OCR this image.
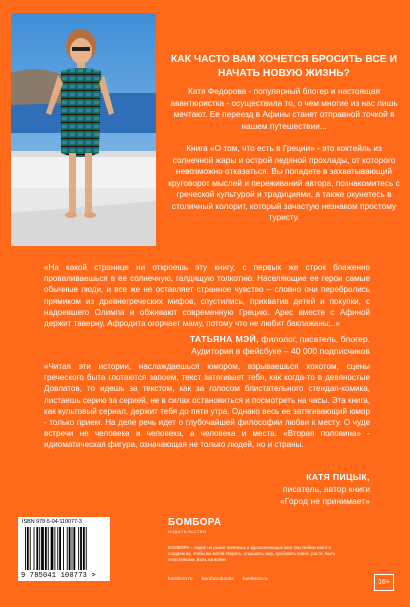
КАК ЧАСТО ВАМ ХОЧЕТСЯ БРОСИТЬ ВСЕ И НАЧАТЬ НОВУЮ ЖИЗНЬ?
Катя Федорова - популярный блогер и настоящая авантюристка - осуществила то, о чем многие из нас лишь мечтают. Ее переезд в Афины станет отправной точкой в нашем путешествии...
Книга «О том, что есть в Греции» - это коктейль из солнечной жары и острой ледяной прохлады, от которого невозможно отказаться. Вы попадете в захватывающий круговорот мыслей и переживаний автора, познакомитесь с греческой культурой и традициями, а также окунетесь в столичный колорит, который зачастую незнаком простому туристу.
«На какой странице ни откроешь эту книгу, с первых же строк блаженно проваливаешься в ее солнечную, галдящую толкотню. Населяющие ее герои самые обычные люди, и все же не оставляет странное чувство – словно они перебрались прямиком из древнегреческих мифов, спустились, прихватив детей и покупки, с надоевшего Олимпа и обживают современную Грецию. Арес вместе с Афиной держит таверну, Афродита огорчает маму, потому что не любит баклажаны;..»
ТАТЬЯНА МЭЙ, филолог, писатель, блогер.
Аудитория в фейсбуке – 40 000 подписчиков
«Читая эти истории, наслаждаешься юмором, взрываешься хохотом, сцены греческого быта глотаются запоем, текст затягивает тебя, как когда-то в девяностые Довлатов, то идешь за текстом, как за голосом блистательного стендап-комика, листаешь серию за серией, не в силах остановиться и посмотреть на часы. Эта книга, как культовый сериал, держит тебя до пяти утра. Однако весь ее затягивающий юмор - только прием. На деле речь идет о глубочайшей философии любви к месту. О чуде встречи не человека и человека, а человека и места. «Вторая половина» - идиоматическая фигура, означающая не только людей, но и страны.
КАТЯ ПИЦЫК,
писатель, автор книги
«Город не принимает»
ISBN 978-5-04-110077-3
9 785041 100773 >
БОМБОРА
ИЗДАТЕЛЬСТВО
БОМБОРА – лидер на рынке полезных и вдохновляющих книг. Мы любим книги и создаем их, чтобы вы могли творить, открывать мир, пробовать новое, расти. Быть счастливыми. Быть на волне.
bombora.ru bomborabooks bombora.ru	16+
